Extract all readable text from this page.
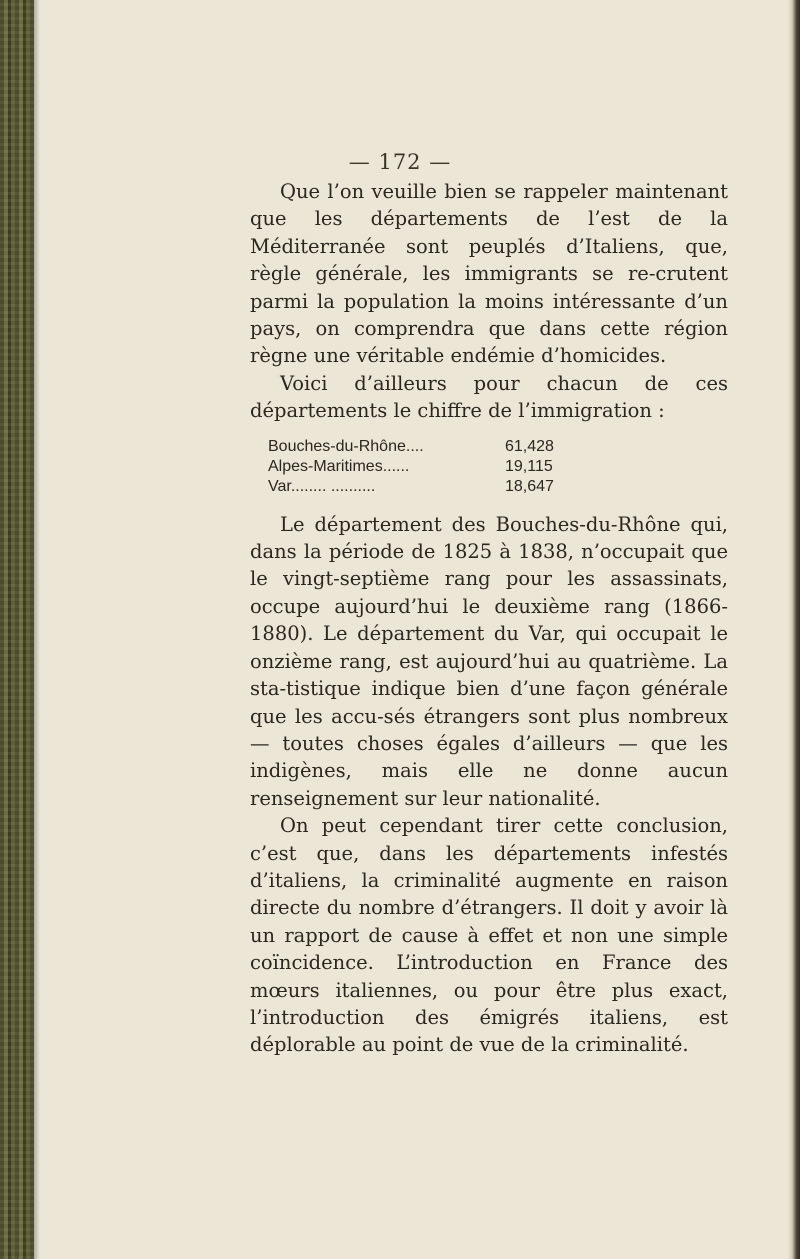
— 172 —

Que l’on veuille bien se rappeler maintenant que les départements de l’est de la Méditerranée sont peuplés d’Italiens, que, règle générale, les immigrants se re-crutent parmi la population la moins intéressante d’un pays, on comprendra que dans cette région règne une véritable endémie d’homicides.

Voici d’ailleurs pour chacun de ces départements le chiffre de l’immigration :

Bouches-du-Rhône....	61,428
Alpes-Maritimes......	19,115
Var........ ..........	18,647

Le département des Bouches-du-Rhône qui, dans la période de 1825 à 1838, n’occupait que le vingt-septième rang pour les assassinats, occupe aujourd’hui le deuxième rang (1866-1880). Le département du Var, qui occupait le onzième rang, est aujourd’hui au quatrième. La sta-tistique indique bien d’une façon générale que les accu-sés étrangers sont plus nombreux — toutes choses égales d’ailleurs — que les indigènes, mais elle ne donne aucun renseignement sur leur nationalité.

On peut cependant tirer cette conclusion, c’est que, dans les départements infestés d’italiens, la criminalité augmente en raison directe du nombre d’étrangers. Il doit y avoir là un rapport de cause à effet et non une simple coïncidence. L’introduction en France des mœurs italiennes, ou pour être plus exact, l’introduction des émigrés italiens, est déplorable au point de vue de la criminalité.
